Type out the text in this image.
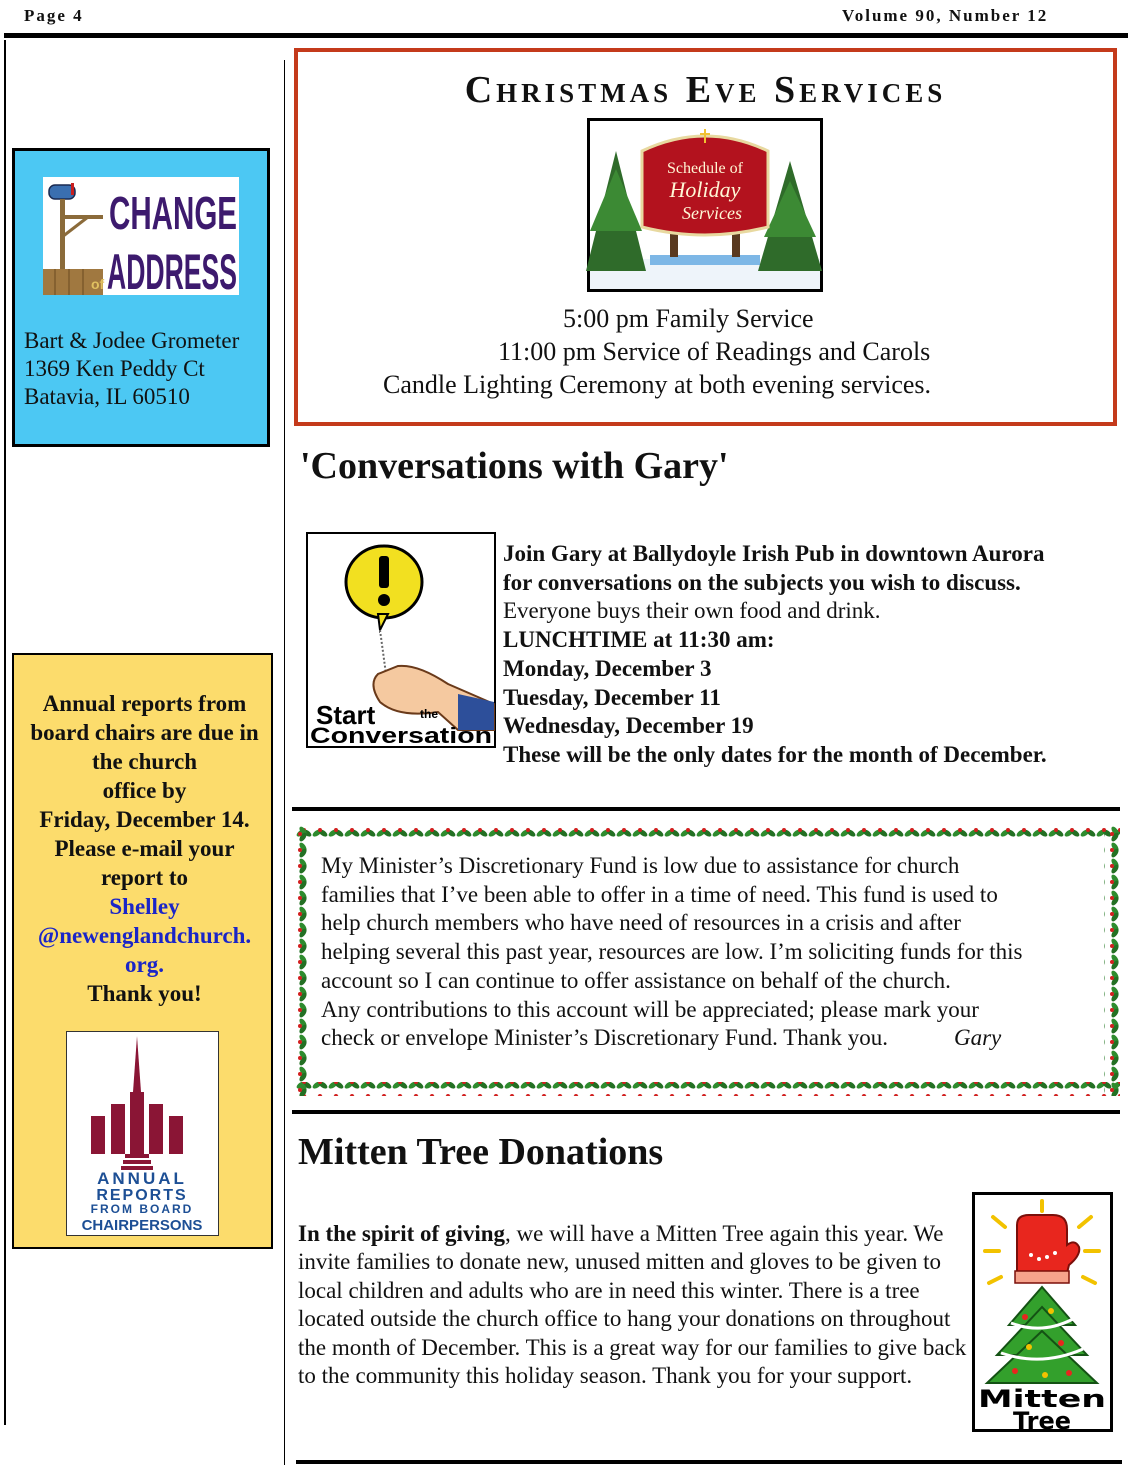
Page 4	Volume 90, Number 12
CHANGE
of ADDRESS
Bart & Jodee Grometer
1369 Ken Peddy Ct
Batavia, IL 60510
Annual reports from
board chairs are due in
the church
office by
Friday, December 14.
Please e-mail your
report to
Shelley
@newenglandchurch.
org.
Thank you!
ANNUAL
REPORTS
FROM BOARD
CHAIRPERSONS
Christmas Eve Services
Schedule of
Holiday
Services
5:00 pm Family Service
11:00 pm Service of Readings and Carols
Candle Lighting Ceremony at both evening services.
'Conversations with Gary'
Start	the
Conversation
Join Gary at Ballydoyle Irish Pub in downtown Aurora
for conversations on the subjects you wish to discuss.
Everyone buys their own food and drink.
LUNCHTIME at 11:30 am:
Monday, December 3
Tuesday, December 11
Wednesday, December 19
These will be the only dates for the month of December.
My Minister’s Discretionary Fund is low due to assistance for church
families that I’ve been able to offer in a time of need. This fund is used to
help church members who have need of resources in a crisis and after
helping several this past year, resources are low. I’m soliciting funds for this
account so I can continue to offer assistance on behalf of the church.
Any contributions to this account will be appreciated; please mark your
check or envelope Minister’s Discretionary Fund. Thank you.	Gary
Mitten Tree Donations
In the spirit of giving, we will have a Mitten Tree again this year. We invite families to donate new, unused mitten and gloves to be given to local children and adults who are in need this winter. There is a tree located outside the church office to hang your donations on throughout the month of December. This is a great way for our families to give back to the community this holiday season. Thank you for your support.
Mitten
Tree
